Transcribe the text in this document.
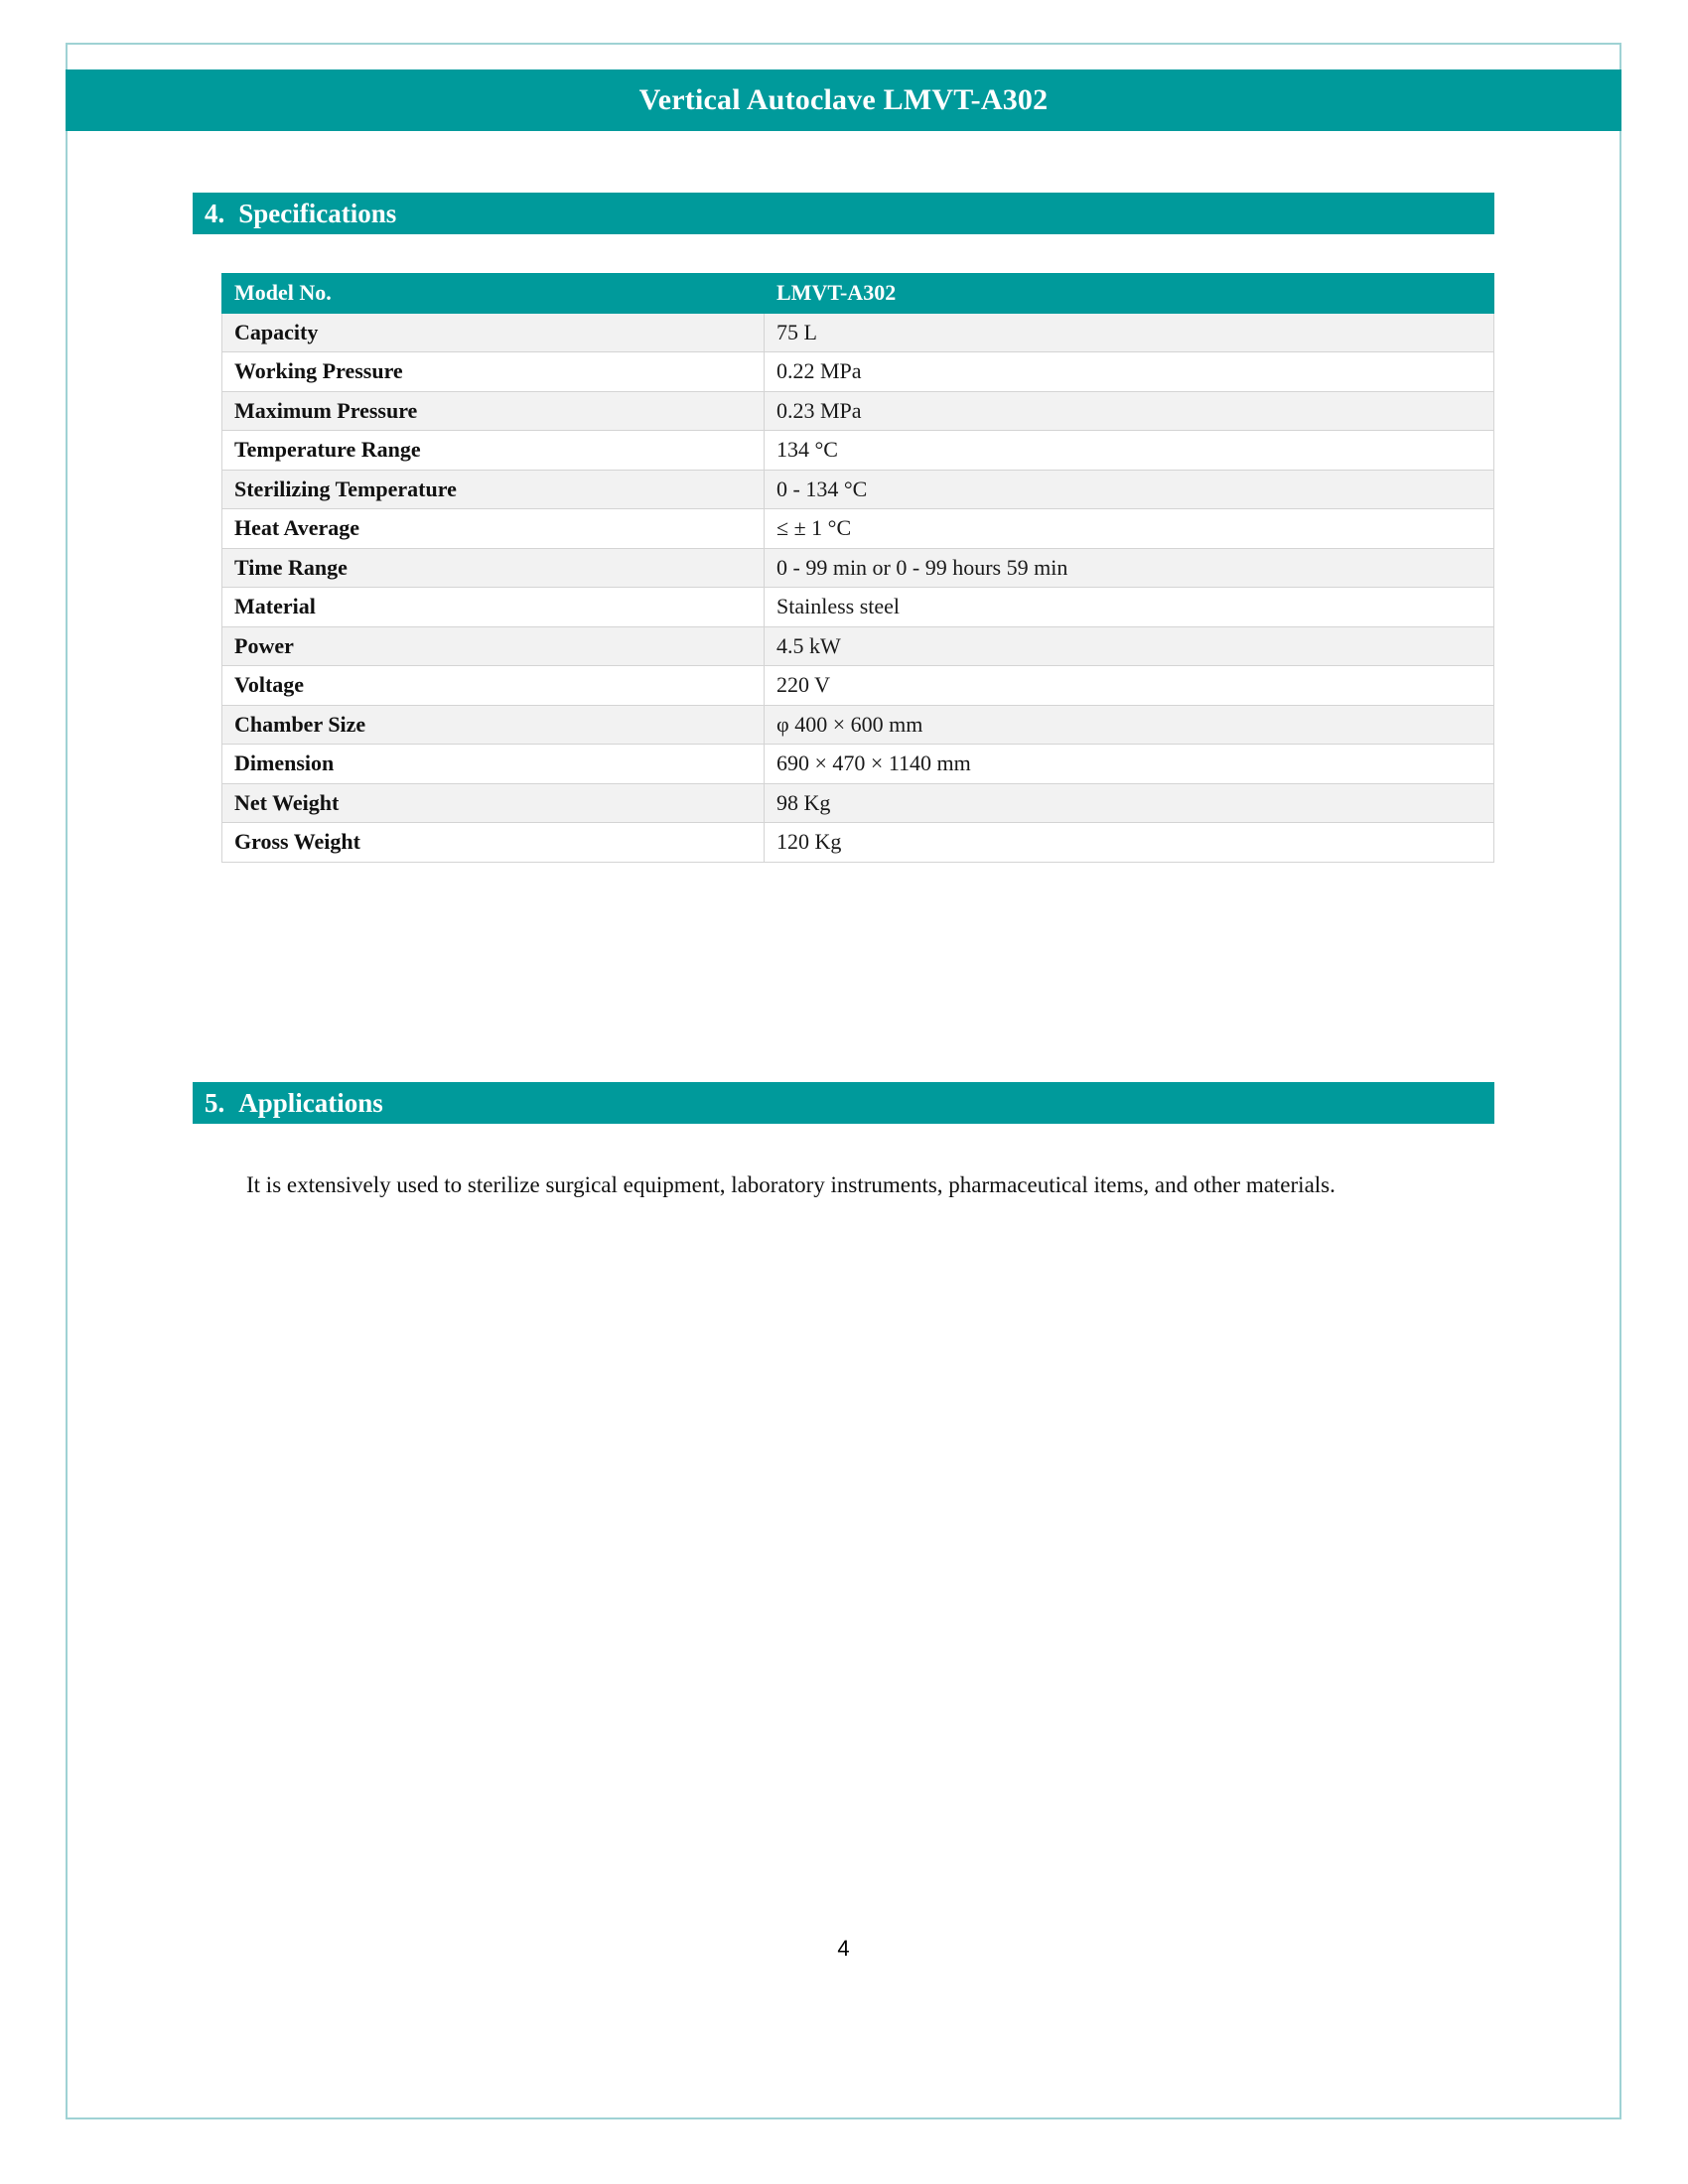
Vertical Autoclave LMVT-A302
4. Specifications
Model No.	LMVT-A302
Capacity	75 L
Working Pressure	0.22 MPa
Maximum Pressure	0.23 MPa
Temperature Range	134 °C
Sterilizing Temperature	0 - 134 °C
Heat Average	≤ ± 1 °C
Time Range	0 - 99 min or 0 - 99 hours 59 min
Material	Stainless steel
Power	4.5 kW
Voltage	220 V
Chamber Size	φ 400 × 600 mm
Dimension	690 × 470 × 1140 mm
Net Weight	98 Kg
Gross Weight	120 Kg
5. Applications

It is extensively used to sterilize surgical equipment, laboratory instruments, pharmaceutical items, and other materials.

4
